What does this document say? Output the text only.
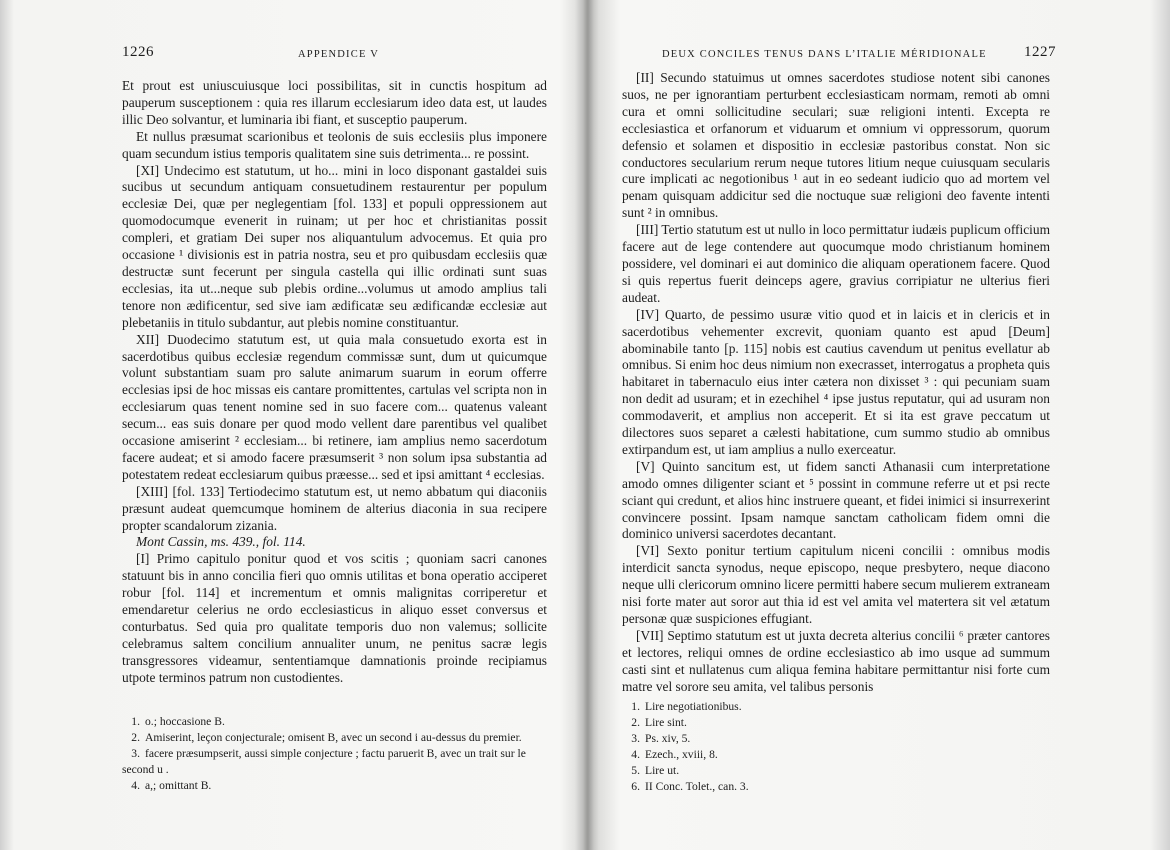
1226	APPENDICE V

Et prout est uniuscuiusque loci possibilitas, sit in cunctis hospitum ad pauperum susceptionem : quia res illarum ecclesiarum ideo data est, ut laudes illic Deo solvantur, et luminaria ibi fiant, et susceptio pauperum.

Et nullus præsumat scarionibus et teolonis de suis ecclesiis plus imponere quam secundum istius temporis qualitatem sine suis detrimenta... re possint.

[XI] Undecimo est statutum, ut ho... mini in loco disponant gastaldei suis sucibus ut secundum antiquam consuetudinem restaurentur per populum ecclesiæ Dei, quæ per neglegentiam [fol. 133] et populi oppressionem aut quomodocumque evenerit in ruinam; ut per hoc et christianitas possit compleri, et gratiam Dei super nos aliquantulum advocemus. Et quia pro occasione ¹ divisionis est in patria nostra, seu et pro quibusdam ecclesiis quæ destructæ sunt fecerunt per singula castella qui illic ordinati sunt suas ecclesias, ita ut...neque sub plebis ordine...volumus ut amodo amplius tali tenore non ædificentur, sed sive iam ædificatæ seu ædificandæ ecclesiæ aut plebetaniis in titulo subdantur, aut plebis nomine constituantur.

XII] Duodecimo statutum est, ut quia mala consuetudo exorta est in sacerdotibus quibus ecclesiæ regendum commissæ sunt, dum ut quicumque volunt substantiam suam pro salute animarum suarum in eorum offerre ecclesias ipsi de hoc missas eis cantare promittentes, cartulas vel scripta non in ecclesiarum quas tenent nomine sed in suo facere com... quatenus valeant secum... eas suis donare per quod modo vellent dare parentibus vel qualibet occasione amiserint ² ecclesiam... bi retinere, iam amplius nemo sacerdotum facere audeat; et si amodo facere præsumserit ³ non solum ipsa substantia ad potestatem redeat ecclesiarum quibus præesse... sed et ipsi amittant ⁴ ecclesias.

[XIII] [fol. 133] Tertiodecimo statutum est, ut nemo abbatum qui diaconiis præsunt audeat quemcumque hominem de alterius diaconia in sua recipere propter scandalorum zizania.

Mont Cassin, ms. 439., fol. 114.

[I] Primo capitulo ponitur quod et vos scitis ; quoniam sacri canones statuunt bis in anno concilia fieri quo omnis utilitas et bona operatio acciperet robur [fol. 114] et incrementum et omnis malignitas corriperetur et emendaretur celerius ne ordo ecclesiasticus in aliquo esset conversus et conturbatus. Sed quia pro qualitate temporis duo non valemus; sollicite celebramus saltem concilium annualiter unum, ne penitus sacræ legis transgressores videamur, sententiamque damnationis proinde recipiamus utpote terminos patrum non custodientes.

1. o.; hoccasione B.

2. Amiserint, leçon conjecturale; omisent B, avec un second i au-dessus du premier.

3. facere præsumpserit, aussi simple conjecture ; factu paruerit B, avec un trait sur le second u .

4. a,; omittant B.

DEUX CONCILES TENUS DANS L’ITALIE MÉRIDIONALE 1227

[II] Secundo statuimus ut omnes sacerdotes studiose notent sibi canones suos, ne per ignorantiam perturbent ecclesiasticam normam, remoti ab omni cura et omni sollicitudine seculari; suæ religioni intenti. Excepta re ecclesiastica et orfanorum et viduarum et omnium vi oppressorum, quorum defensio et solamen et dispositio in ecclesiæ pastoribus constat. Non sic conductores secularium rerum neque tutores litium neque cuiusquam secularis cure implicati ac negotionibus ¹ aut in eo sedeant iudicio quo ad mortem vel penam quisquam addicitur sed die noctuque suæ religioni deo favente intenti sunt ² in omnibus.

[III] Tertio statutum est ut nullo in loco permittatur iudæis puplicum officium facere aut de lege contendere aut quocumque modo christianum hominem possidere, vel dominari ei aut dominico die aliquam operationem facere. Quod si quis repertus fuerit deinceps agere, gravius corripiatur ne ulterius fieri audeat.

[IV] Quarto, de pessimo usuræ vitio quod et in laicis et in clericis et in sacerdotibus vehementer excrevit, quoniam quanto est apud [Deum] abominabile tanto [p. 115] nobis est cautius cavendum ut penitus evellatur ab omnibus. Si enim hoc deus nimium non execrasset, interrogatus a propheta quis habitaret in tabernaculo eius inter cætera non dixisset ³ : qui pecuniam suam non dedit ad usuram; et in ezechihel ⁴ ipse justus reputatur, qui ad usuram non commodaverit, et amplius non acceperit. Et si ita est grave peccatum ut dilectores suos separet a cælesti habitatione, cum summo studio ab omnibus extirpandum est, ut iam amplius a nullo exerceatur.

[V] Quinto sancitum est, ut fidem sancti Athanasii cum interpretatione amodo omnes diligenter sciant et ⁵ possint in commune referre ut et psi recte sciant qui credunt, et alios hinc instruere queant, et fidei inimici si insurrexerint convincere possint. Ipsam namque sanctam catholicam fidem omni die dominico universi sacerdotes decantant.

[VI] Sexto ponitur tertium capitulum niceni concilii : omnibus modis interdicit sancta synodus, neque episcopo, neque presbytero, neque diacono neque ulli clericorum omnino licere permitti habere secum mulierem extraneam nisi forte mater aut soror aut thia id est vel amita vel matertera sit vel ætatum personæ quæ suspiciones effugiant.

[VII] Septimo statutum est ut juxta decreta alterius concilii ⁶ præter cantores et lectores, reliqui omnes de ordine ecclesiastico ab imo usque ad summum casti sint et nullatenus cum aliqua femina habitare permittantur nisi forte cum matre vel sorore seu amita, vel talibus personis

1. Lire negotiationibus.

2. Lire sint.

3. Ps. xiv, 5.

4. Ezech., xviii, 8.

5. Lire ut.

6. II Conc. Tolet., can. 3.
